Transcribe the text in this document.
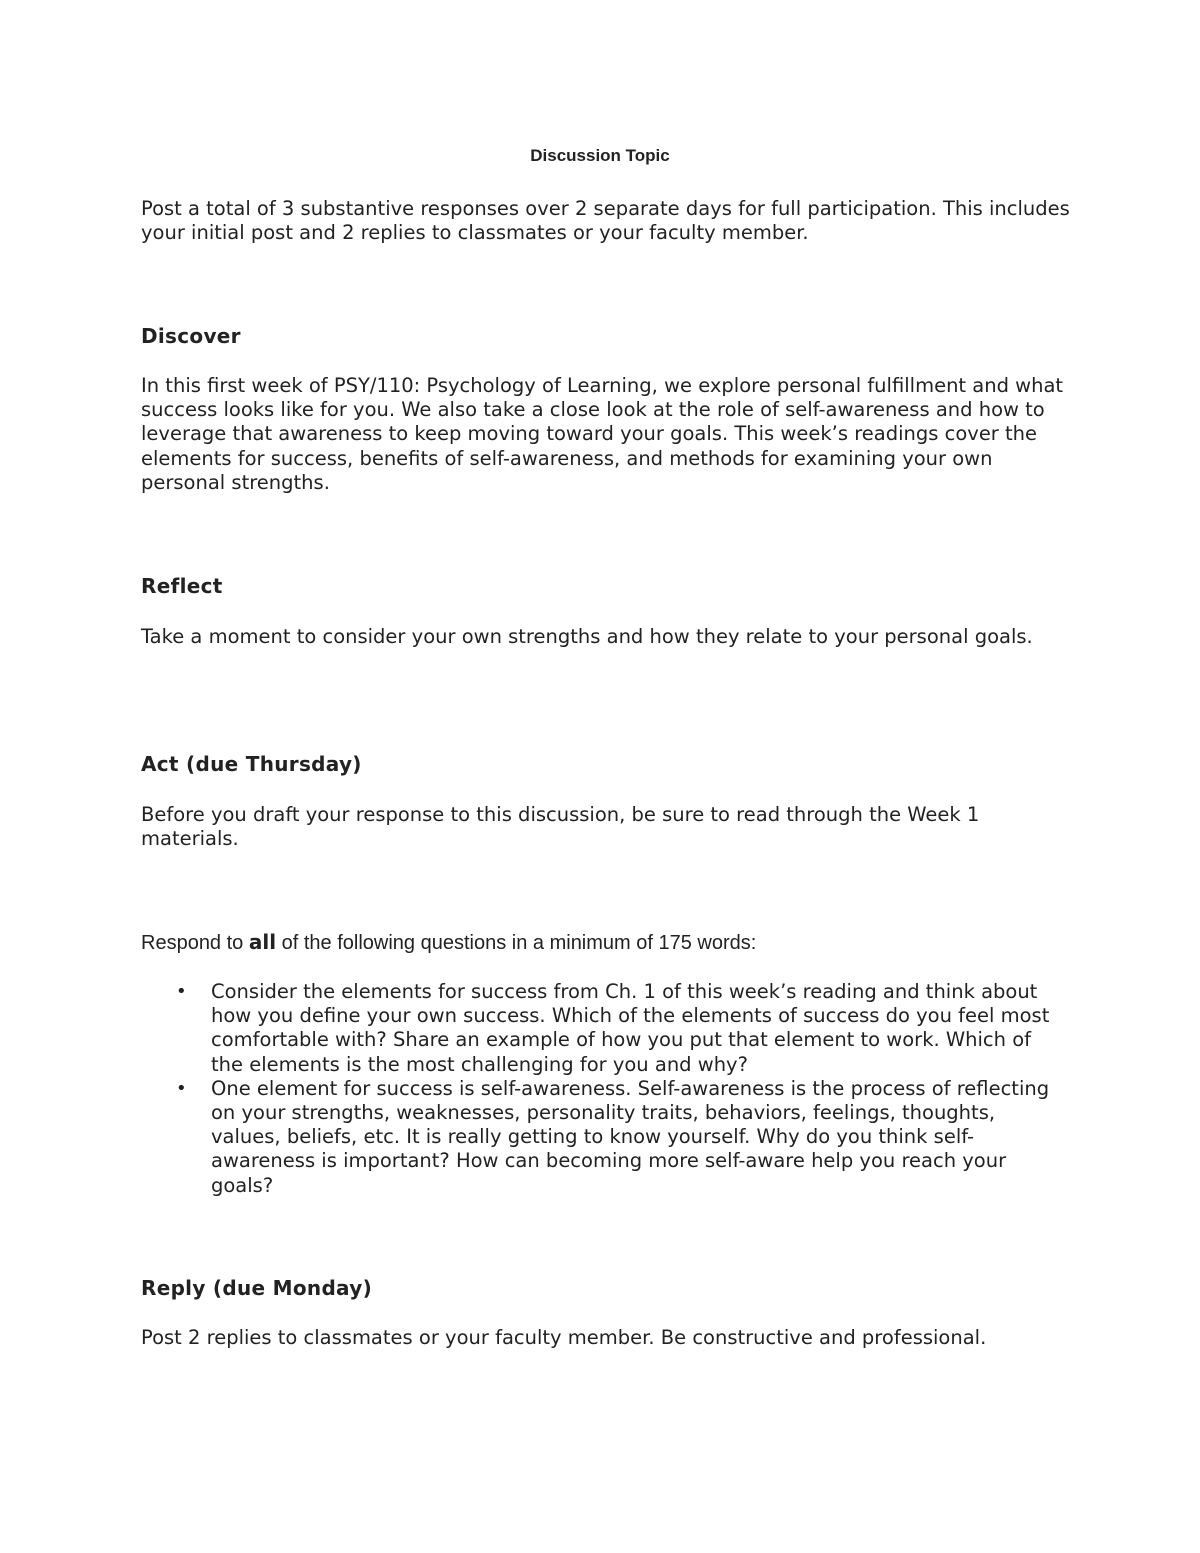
Discussion Topic

Post a total of 3 substantive responses over 2 separate days for full participation. This includes your initial post and 2 replies to classmates or your faculty member.

Discover

In this first week of PSY/110: Psychology of Learning, we explore personal fulfillment and what success looks like for you. We also take a close look at the role of self-awareness and how to leverage that awareness to keep moving toward your goals. This week’s readings cover the elements for success, benefits of self-awareness, and methods for examining your own personal strengths.

Reflect

Take a moment to consider your own strengths and how they relate to your personal goals.

Act (due Thursday)

Before you draft your response to this discussion, be sure to read through the Week 1 materials.

Respond to all of the following questions in a minimum of 175 words:

• Consider the elements for success from Ch. 1 of this week’s reading and think about how you define your own success. Which of the elements of success do you feel most comfortable with? Share an example of how you put that element to work. Which of the elements is the most challenging for you and why?
• One element for success is self-awareness. Self-awareness is the process of reflecting on your strengths, weaknesses, personality traits, behaviors, feelings, thoughts, values, beliefs, etc. It is really getting to know yourself. Why do you think self-awareness is important? How can becoming more self-aware help you reach your goals?
Reply (due Monday)

Post 2 replies to classmates or your faculty member. Be constructive and professional.
